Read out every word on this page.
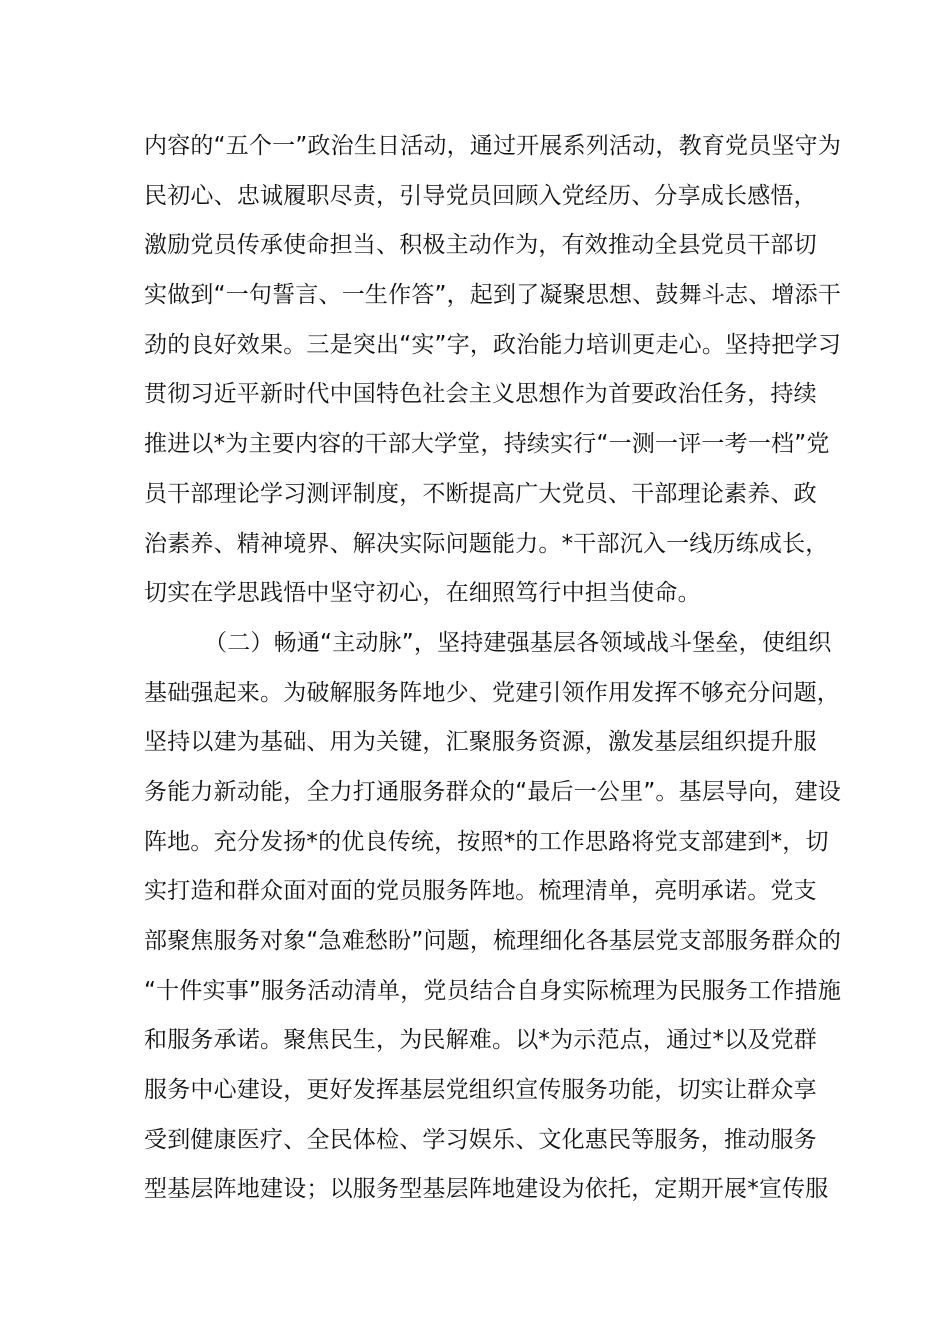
内容的“五个一”政治生日活动，通过开展系列活动，教育党员坚守为
民初心、忠诚履职尽责，引导党员回顾入党经历、分享成长感悟，
激励党员传承使命担当、积极主动作为，有效推动全县党员干部切
实做到“一句誓言、一生作答”，起到了凝聚思想、鼓舞斗志、增添干
劲的良好效果。三是突出“实”字，政治能力培训更走心。坚持把学习
贯彻习近平新时代中国特色社会主义思想作为首要政治任务，持续
推进以*为主要内容的干部大学堂，持续实行“一测一评一考一档”党
员干部理论学习测评制度，不断提高广大党员、干部理论素养、政
治素养、精神境界、解决实际问题能力。*干部沉入一线历练成长，
切实在学思践悟中坚守初心，在细照笃行中担当使命。
（二）畅通“主动脉”，坚持建强基层各领域战斗堡垒，使组织
基础强起来。为破解服务阵地少、党建引领作用发挥不够充分问题，
坚持以建为基础、用为关键，汇聚服务资源，激发基层组织提升服
务能力新动能，全力打通服务群众的“最后一公里”。基层导向，建设
阵地。充分发扬*的优良传统，按照*的工作思路将党支部建到*，切
实打造和群众面对面的党员服务阵地。梳理清单，亮明承诺。党支
部聚焦服务对象“急难愁盼”问题，梳理细化各基层党支部服务群众的
“十件实事”服务活动清单，党员结合自身实际梳理为民服务工作措施
和服务承诺。聚焦民生，为民解难。以*为示范点，通过*以及党群
服务中心建设，更好发挥基层党组织宣传服务功能，切实让群众享
受到健康医疗、全民体检、学习娱乐、文化惠民等服务，推动服务
型基层阵地建设；以服务型基层阵地建设为依托，定期开展*宣传服
